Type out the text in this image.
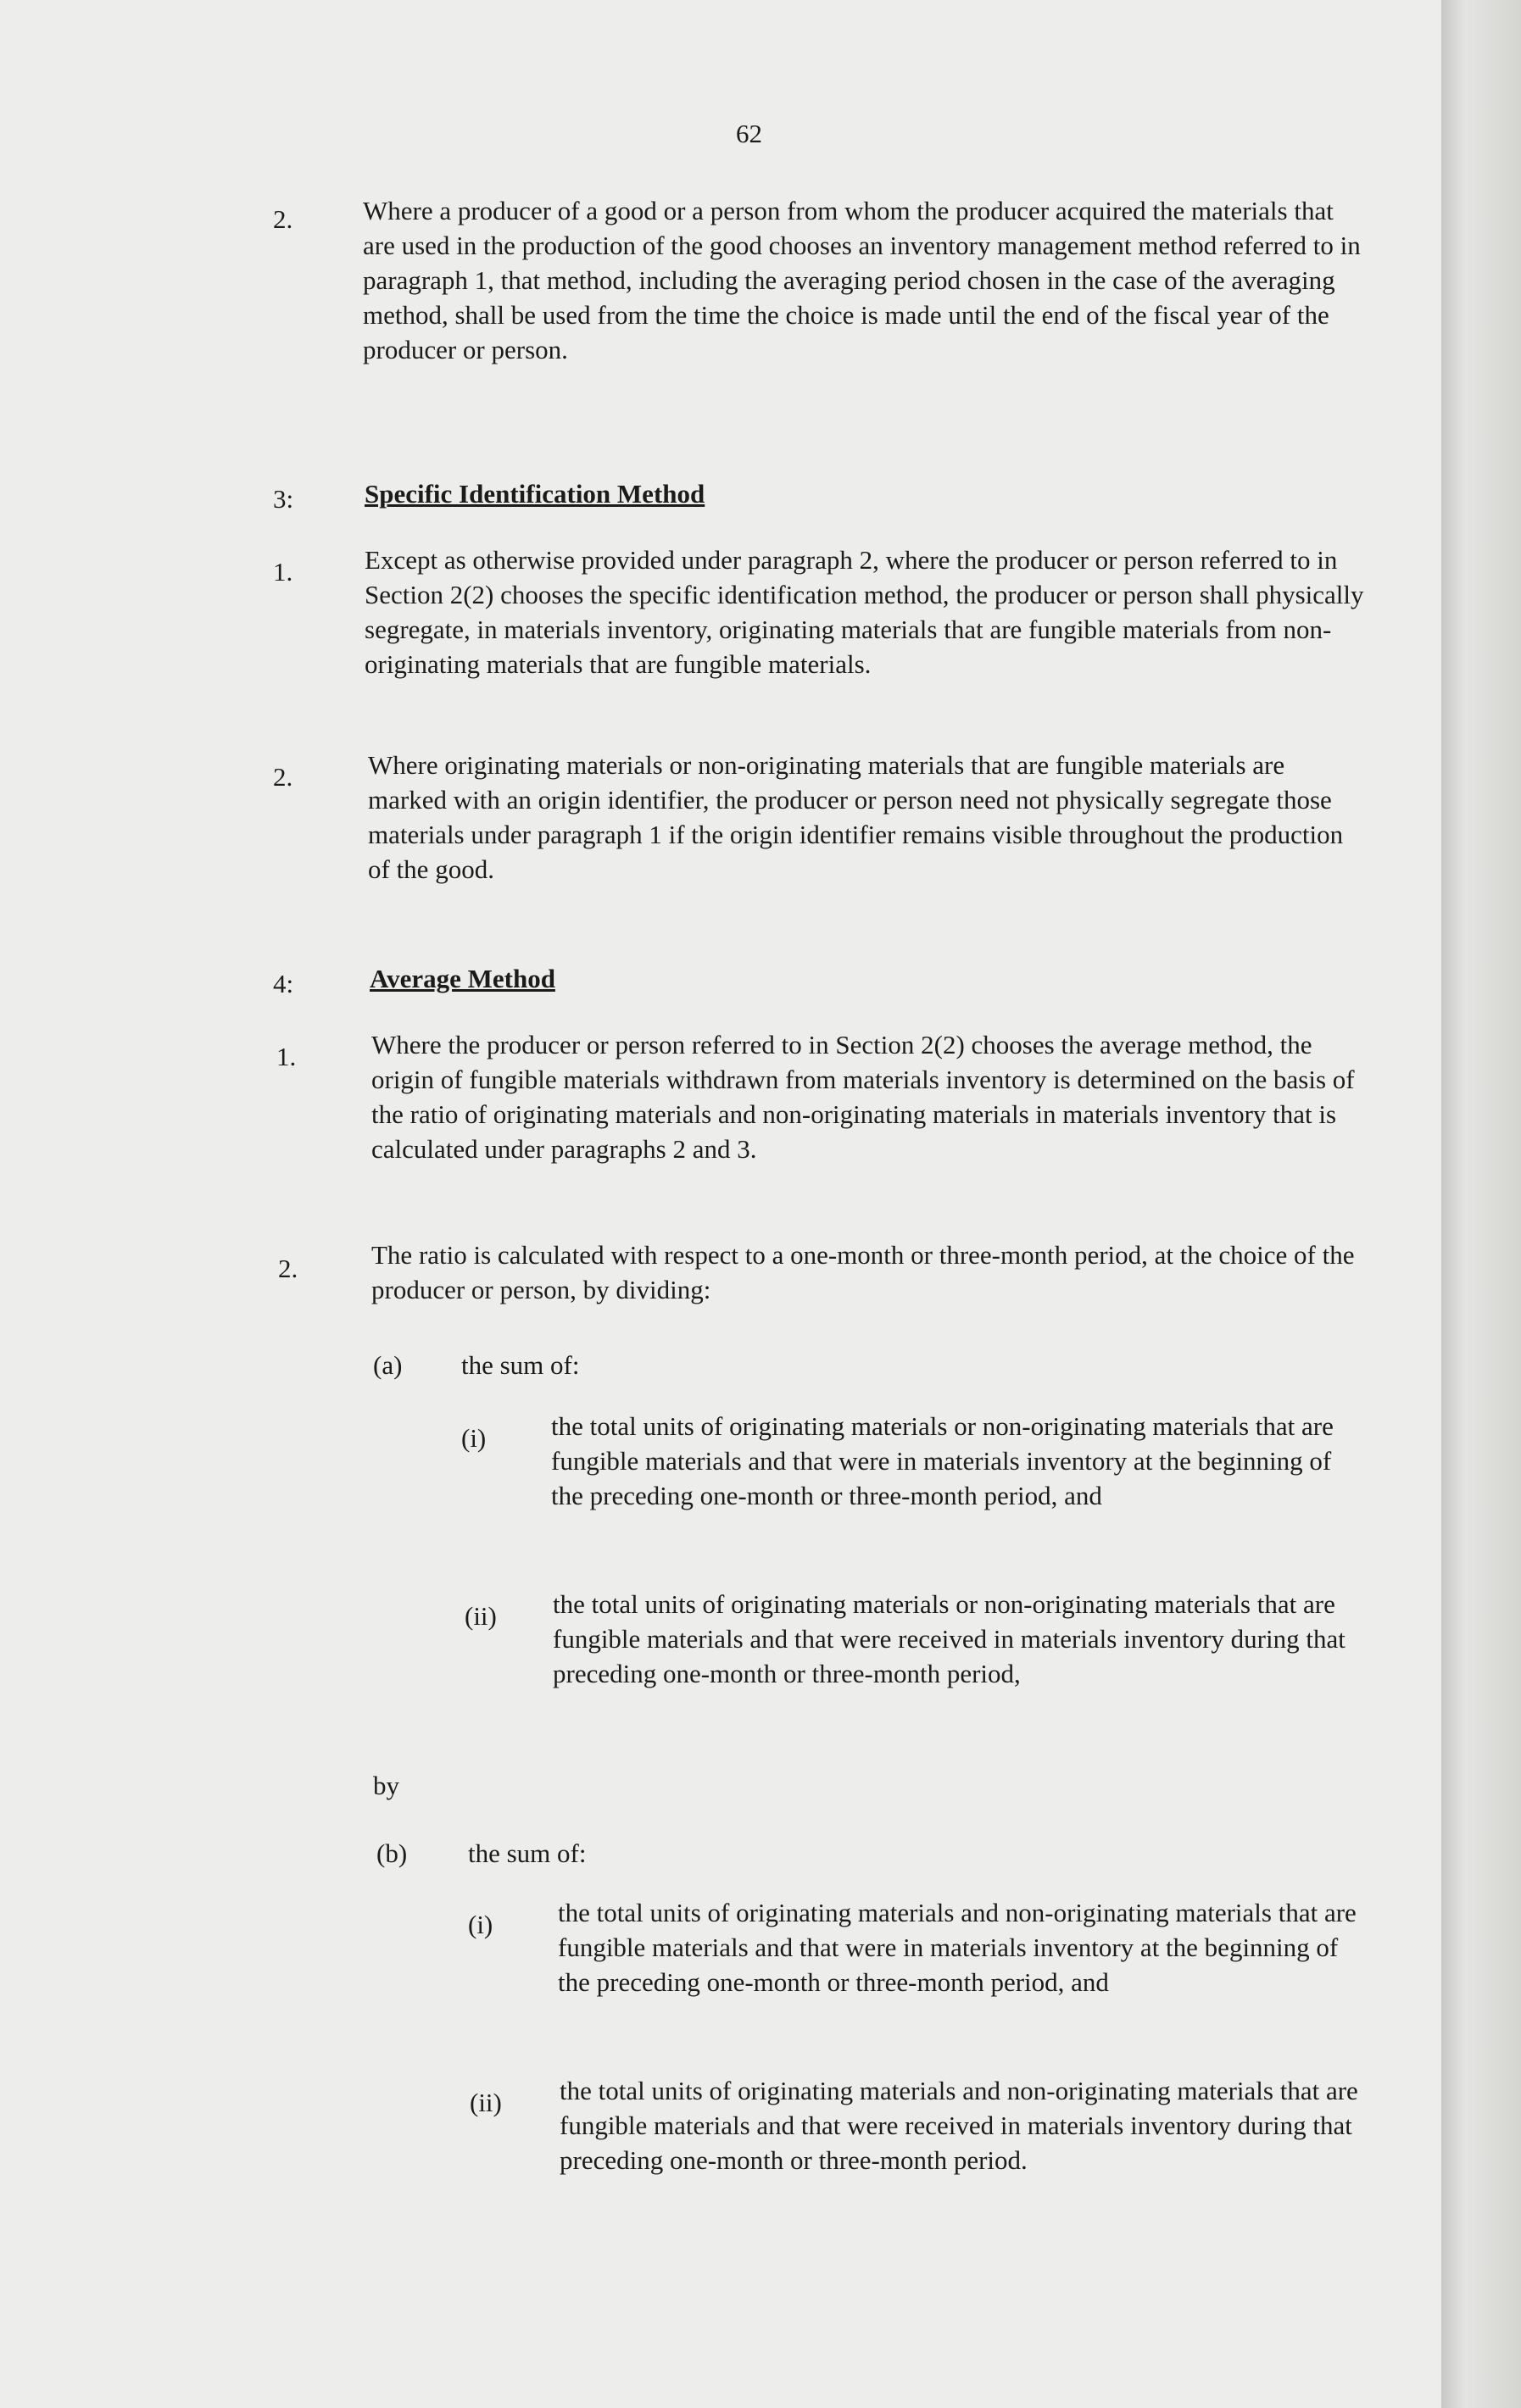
62
2.	Where a producer of a good or a person from whom the producer acquired the materials that are used in the production of the good chooses an inventory management method referred to in paragraph 1, that method, including the averaging period chosen in the case of the averaging method, shall be used from the time the choice is made until the end of the fiscal year of the producer or person.
3:	Specific Identification Method
1.	Except as otherwise provided under paragraph 2, where the producer or person referred to in Section 2(2) chooses the specific identification method, the producer or person shall physically segregate, in materials inventory, originating materials that are fungible materials from non-originating materials that are fungible materials.
2.	Where originating materials or non-originating materials that are fungible materials are marked with an origin identifier, the producer or person need not physically segregate those materials under paragraph 1 if the origin identifier remains visible throughout the production of the good.
4:	Average Method
1.	Where the producer or person referred to in Section 2(2) chooses the average method, the origin of fungible materials withdrawn from materials inventory is determined on the basis of the ratio of originating materials and non-originating materials in materials inventory that is calculated under paragraphs 2 and 3.
2.	The ratio is calculated with respect to a one-month or three-month period, at the choice of the producer or person, by dividing:
(a) the sum of:
(i) the total units of originating materials or non-originating materials that are fungible materials and that were in materials inventory at the beginning of the preceding one-month or three-month period, and
(ii) the total units of originating materials or non-originating materials that are fungible materials and that were received in materials inventory during that preceding one-month or three-month period,
by
(b) the sum of:
(i) the total units of originating materials and non-originating materials that are fungible materials and that were in materials inventory at the beginning of the preceding one-month or three-month period, and
(ii) the total units of originating materials and non-originating materials that are fungible materials and that were received in materials inventory during that preceding one-month or three-month period.
